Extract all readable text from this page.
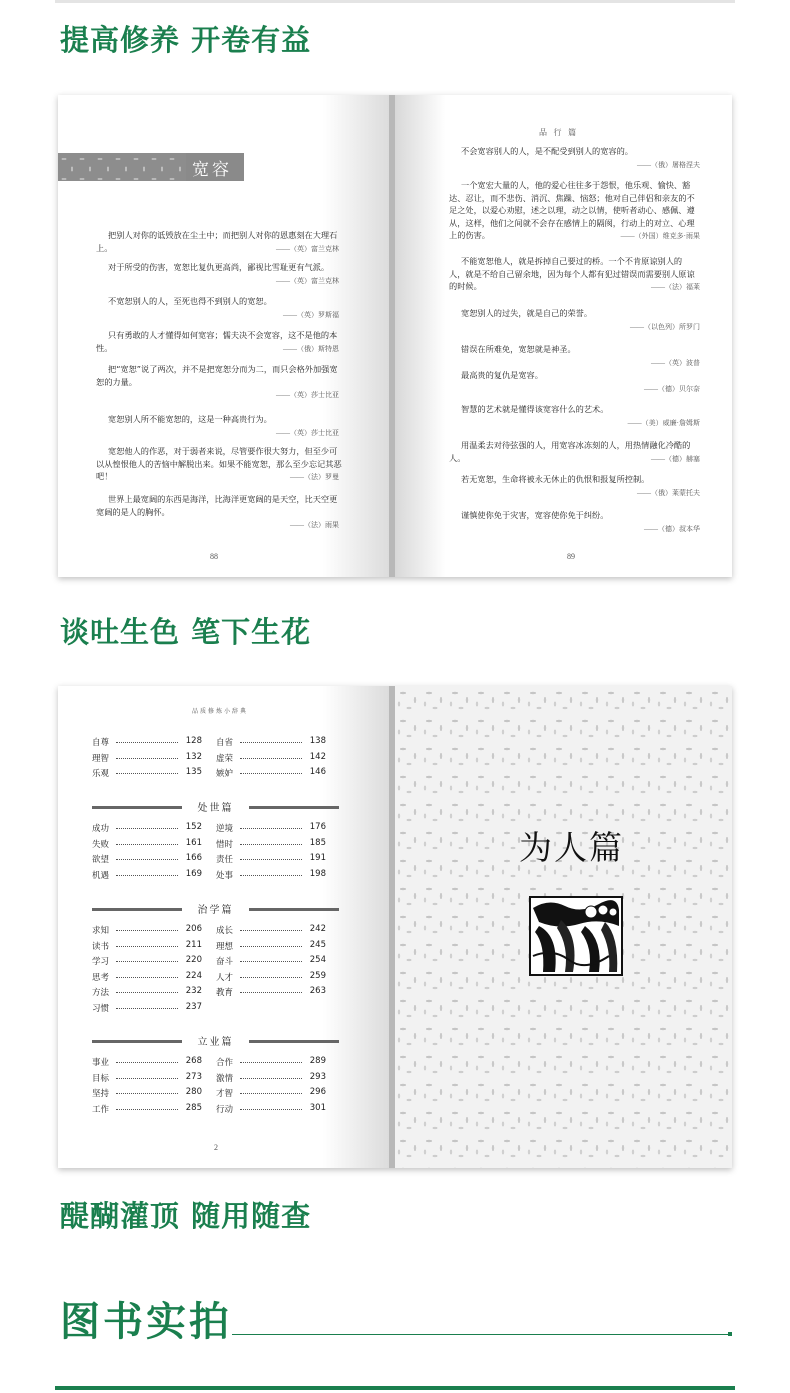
提高修养 开卷有益
宽容
88
把别人对你的诋毁放在尘土中；而把别人对你的恩惠刻在大理石上。	——（英）富兰克林
对于所受的伤害，宽恕比复仇更高尚，鄙视比雪耻更有气派。
——（英）富兰克林
不宽恕别人的人，至死也得不到别人的宽恕。
——（英）罗斯福
只有勇敢的人才懂得如何宽容；懦夫决不会宽容，这不是他的本性。	——（俄）斯特恩
把“宽恕”说了两次，并不是把宽恕分而为二，而只会格外加强宽恕的力量。
——（英）莎士比亚
宽恕别人所不能宽恕的，这是一种高贵行为。
——（英）莎士比亚
宽恕他人的作恶，对于弱者来说，尽管要作很大努力，但至少可以从惶恨他人的苦恼中解脱出来。如果不能宽恕，那么至少忘记其恶吧！	——（法）罗曼
世界上最宽阔的东西是海洋，比海洋更宽阔的是天空，比天空更宽阔的是人的胸怀。
——（法）雨果
品 行 篇
89
不会宽容别人的人，是不配受到别人的宽容的。
——（俄）屠格涅夫
一个宽宏大量的人，他的爱心往往多于怨恨，他乐观、愉快、豁达、忍让，而不悲伤、消沉、焦躁、恼怒；他对自己伴侣和亲友的不足之处，以爱心劝慰，述之以理，动之以情，使听者动心、感佩、遵从，这样，他们之间就不会存在感情上的隔阂，行动上的对立、心理上的伤害。	——（外国）维克多·雨果
不能宽恕他人，就是拆掉自己要过的桥。一个不肯原谅别人的人，就是不给自己留余地，因为每个人都有犯过错误而需要别人原谅的时候。	——（法）福莱
宽恕别人的过失，就是自己的荣誉。
——（以色列）所罗门
错误在所难免，宽恕就是神圣。
——（英）波普
最高贵的复仇是宽容。
——（德）贝尔奈
智慧的艺术就是懂得该宽容什么的艺术。
——（美）威廉·詹姆斯
用温柔去对待弦强的人，用宽容冰冻刻的人，用热情融化冷酷的人。	——（德）赫塞
若无宽恕，生命将被永无休止的仇恨和报复所控制。
——（俄）莱蒙托夫
谨慎使你免于灾害，宽容使你免于纠纷。
——（德）叔本华
谈吐生色 笔下生花
品质修炼小辞典
2
自尊	128 自省	138
理智	132 虚荣	142
乐观	135 嫉妒	146
处世篇
成功	152 逆境	176
失败	161 惜时	185
欲望	166 责任	191
机遇	169 处事	198
治学篇
求知	206 成长	242
读书	211 理想	245
学习	220 奋斗	254
思考	224 人才	259
方法	232 教育	263
习惯	237
立业篇
事业	268 合作	289
目标	273 激情	293
坚持	280 才智	296
工作	285 行动	301
为人篇
醍醐灌顶 随用随查
图书实拍
